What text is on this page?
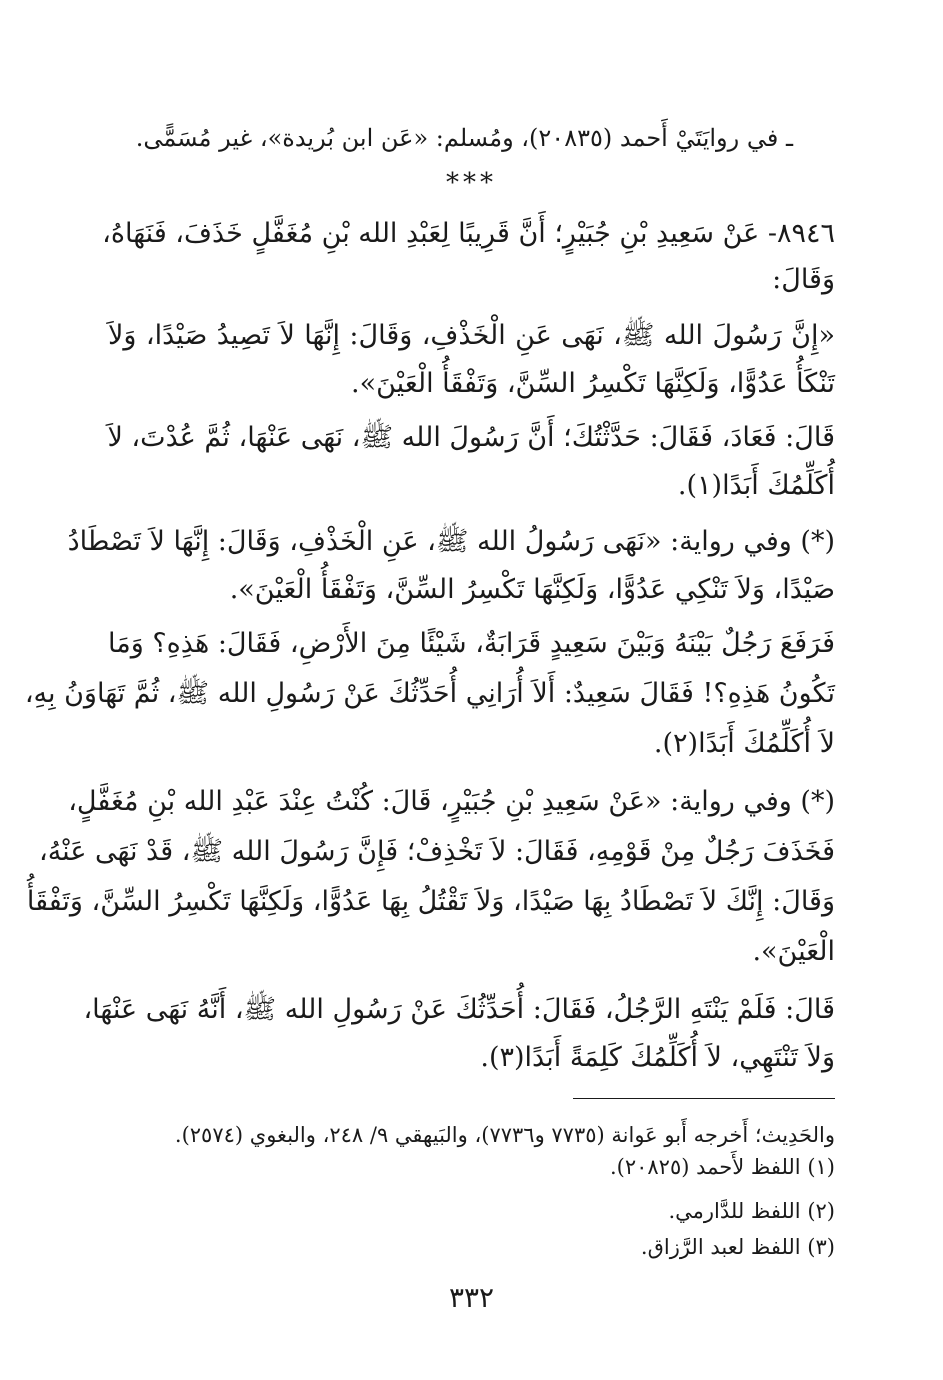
ـ في روايَتَيْ أَحمد (٢٠٨٣٥)، ومُسلم: «عَن ابن بُريدة»، غير مُسَمًّى.
***
٨٩٤٦- عَنْ سَعِيدِ بْنِ جُبَيْرٍ؛ أَنَّ قَرِيبًا لِعَبْدِ الله بْنِ مُغَفَّلٍ خَذَفَ، فَنَهَاهُ،
وَقَالَ:
«إِنَّ رَسُولَ الله ﷺ، نَهَى عَنِ الْخَذْفِ، وَقَالَ: إِنَّهَا لاَ تَصِيدُ صَيْدًا، وَلاَ
تَنْكَأُ عَدُوًّا، وَلَكِنَّهَا تَكْسِرُ السِّنَّ، وَتَفْقَأُ الْعَيْنَ».
قَالَ: فَعَادَ، فَقَالَ: حَدَّثْتُكَ؛ أَنَّ رَسُولَ الله ﷺ، نَهَى عَنْهَا، ثُمَّ عُدْتَ، لاَ
أُكَلِّمُكَ أَبَدًا(١).
(*) وفي رواية: «نَهَى رَسُولُ الله ﷺ، عَنِ الْخَذْفِ، وَقَالَ: إِنَّهَا لاَ تَصْطَادُ
صَيْدًا، وَلاَ تَنْكِي عَدُوًّا، وَلَكِنَّهَا تَكْسِرُ السِّنَّ، وَتَفْقَأُ الْعَيْنَ».
فَرَفَعَ رَجُلٌ بَيْنَهُ وَبَيْنَ سَعِيدٍ قَرَابَةٌ، شَيْئًا مِنَ الأَرْضِ، فَقَالَ: هَذِهِ؟ وَمَا
تَكُونُ هَذِهِ؟! فَقَالَ سَعِيدٌ: أَلاَ أُرَانِي أُحَدِّثُكَ عَنْ رَسُولِ الله ﷺ، ثُمَّ تَهَاوَنُ بِهِ،
لاَ أُكَلِّمُكَ أَبَدًا(٢).
(*) وفي رواية: «عَنْ سَعِيدِ بْنِ جُبَيْرٍ، قَالَ: كُنْتُ عِنْدَ عَبْدِ الله بْنِ مُغَفَّلٍ،
فَخَذَفَ رَجُلٌ مِنْ قَوْمِهِ، فَقَالَ: لاَ تَخْذِفْ؛ فَإِنَّ رَسُولَ الله ﷺ، قَدْ نَهَى عَنْهُ،
وَقَالَ: إِنَّكَ لاَ تَصْطَادُ بِهَا صَيْدًا، وَلاَ تَقْتُلُ بِهَا عَدُوًّا، وَلَكِنَّهَا تَكْسِرُ السِّنَّ، وَتَفْقَأُ
الْعَيْنَ».
قَالَ: فَلَمْ يَنْتَهِ الرَّجُلُ، فَقَالَ: أُحَدِّثُكَ عَنْ رَسُولِ الله ﷺ، أَنَّهُ نَهَى عَنْهَا،
وَلاَ تَنْتَهِي، لاَ أُكَلِّمُكَ كَلِمَةً أَبَدًا(٣).
والحَدِيث؛ أَخرجه أَبو عَوانة (٧٧٣٥ و٧٧٣٦)، والبَيهقي ٩/ ٢٤٨، والبغوي (٢٥٧٤).
(١) اللفظ لأَحمد (٢٠٨٢٥).
(٢) اللفظ للدَّارمي.
(٣) اللفظ لعبد الرَّزاق.
٣٣٢
